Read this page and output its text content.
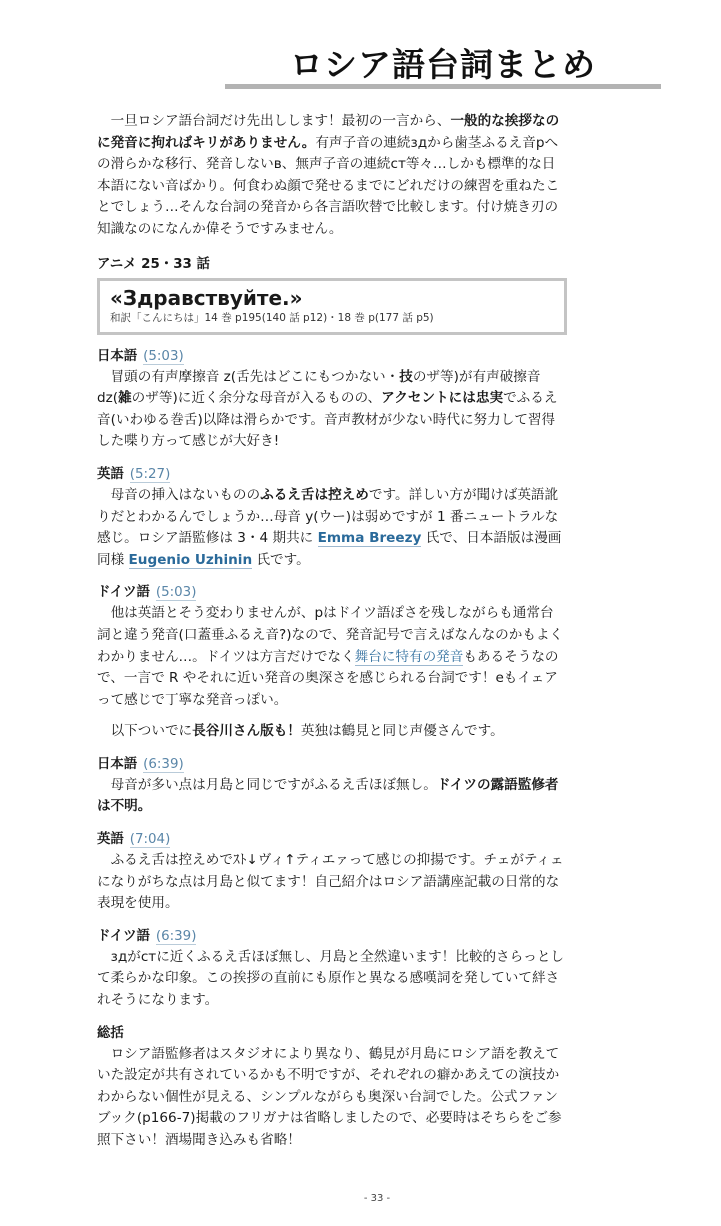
ロシア語台詞まとめ

一旦ロシア語台詞だけ先出しします！最初の一言から、一般的な挨拶なのに発音に拘ればキリがありません。有声子音の連続здから歯茎ふるえ音рへの滑らかな移行、発音しないв、無声子音の連続ст等々…しかも標準的な日本語にない音ばかり。何食わぬ顔で発せるまでにどれだけの練習を重ねたことでしょう…そんな台詞の発音から各言語吹替で比較します。付け焼き刃の知識なのになんか偉そうですみません。

アニメ 25・33 話
«Здравствуйте.»
和訳「こんにちは」14 巻 p195(140 話 p12)・18 巻 p(177 話 p5)
日本語 (5:03)

冒頭の有声摩擦音 z(舌先はどこにもつかない・技のザ等)が有声破擦音 dz(雑のザ等)に近く余分な母音が入るものの、アクセントには忠実でふるえ音(いわゆる巻舌)以降は滑らかです。音声教材が少ない時代に努力して習得した喋り方って感じが大好き!

英語 (5:27)

母音の挿入はないもののふるえ舌は控えめです。詳しい方が聞けば英語訛りだとわかるんでしょうか…母音 y(ウー)は弱めですが 1 番ニュートラルな感じ。ロシア語監修は 3・4 期共に Emma Breezy 氏で、日本語版は漫画同様 Eugenio Uzhinin 氏です。

ドイツ語 (5:03)

他は英語とそう変わりませんが、рはドイツ語ぽさを残しながらも通常台詞と違う発音(口蓋垂ふるえ音?)なので、発音記号で言えばなんなのかもよくわかりません…。ドイツは方言だけでなく舞台に特有の発音もあるそうなので、一言で R やそれに近い発音の奥深さを感じられる台詞です！eもイェアって感じで丁寧な発音っぽい。

以下ついでに長谷川さん版も！英独は鶴見と同じ声優さんです。

日本語 (6:39)

母音が多い点は月島と同じですがふるえ舌ほぼ無し。ドイツの露語監修者は不明。

英語 (7:04)

ふるえ舌は控えめでｽﾄ↓ヴィ↑ティエァって感じの抑揚です。チェがティェになりがちな点は月島と似てます！自己紹介はロシア語講座記載の日常的な表現を使用。

ドイツ語 (6:39)

здがстに近くふるえ舌ほぼ無し、月島と全然違います！比較的さらっとして柔らかな印象。この挨拶の直前にも原作と異なる感嘆詞を発していて絆されそうになります。

総括

ロシア語監修者はスタジオにより異なり、鶴見が月島にロシア語を教えていた設定が共有されているかも不明ですが、それぞれの癖かあえての演技かわからない個性が見える、シンプルながらも奥深い台詞でした。公式ファンブック(p166-7)掲載のフリガナは省略しましたので、必要時はそちらをご参照下さい！酒場聞き込みも省略！

- 33 -
